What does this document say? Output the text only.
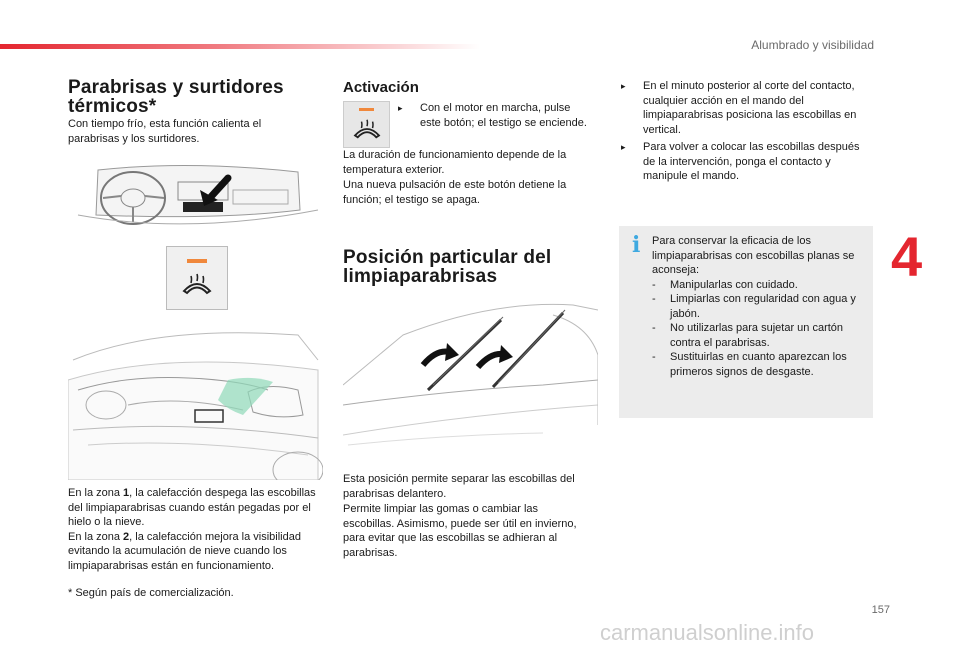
Alumbrado y visibilidad
Parabrisas y surtidores
térmicos*

Con tiempo frío, esta función calienta el parabrisas y los surtidores.

En la zona 1, la calefacción despega las escobillas del limpiaparabrisas cuando están pegadas por el hielo o la nieve.

En la zona 2, la calefacción mejora la visibilidad evitando la acumulación de nieve cuando los limpiaparabrisas están en funcionamiento.

* Según país de comercialización.

Activación
▸	Con el motor en marcha, pulse este botón; el testigo se enciende.

La duración de funcionamiento depende de la temperatura exterior.

Una nueva pulsación de este botón detiene la función; el testigo se apaga.

Posición particular del
limpiaparabrisas

Esta posición permite separar las escobillas del parabrisas delantero.

Permite limpiar las gomas o cambiar las escobillas. Asimismo, puede ser útil en invierno, para evitar que las escobillas se adhieran al parabrisas.

▸	En el minuto posterior al corte del contacto, cualquier acción en el mando del limpiaparabrisas posiciona las escobillas en vertical.
▸	Para volver a colocar las escobillas después de la intervención, ponga el contacto y manipule el mando.
4
i Para conservar la eficacia de los limpiaparabrisas con escobillas planas se aconseja:

-	Manipularlas con cuidado.
-	Limpiarlas con regularidad con agua y jabón.
-	No utilizarlas para sujetar un cartón contra el parabrisas.
-	Sustituirlas en cuanto aparezcan los primeros signos de desgaste.
157
carmanualsonline.info
